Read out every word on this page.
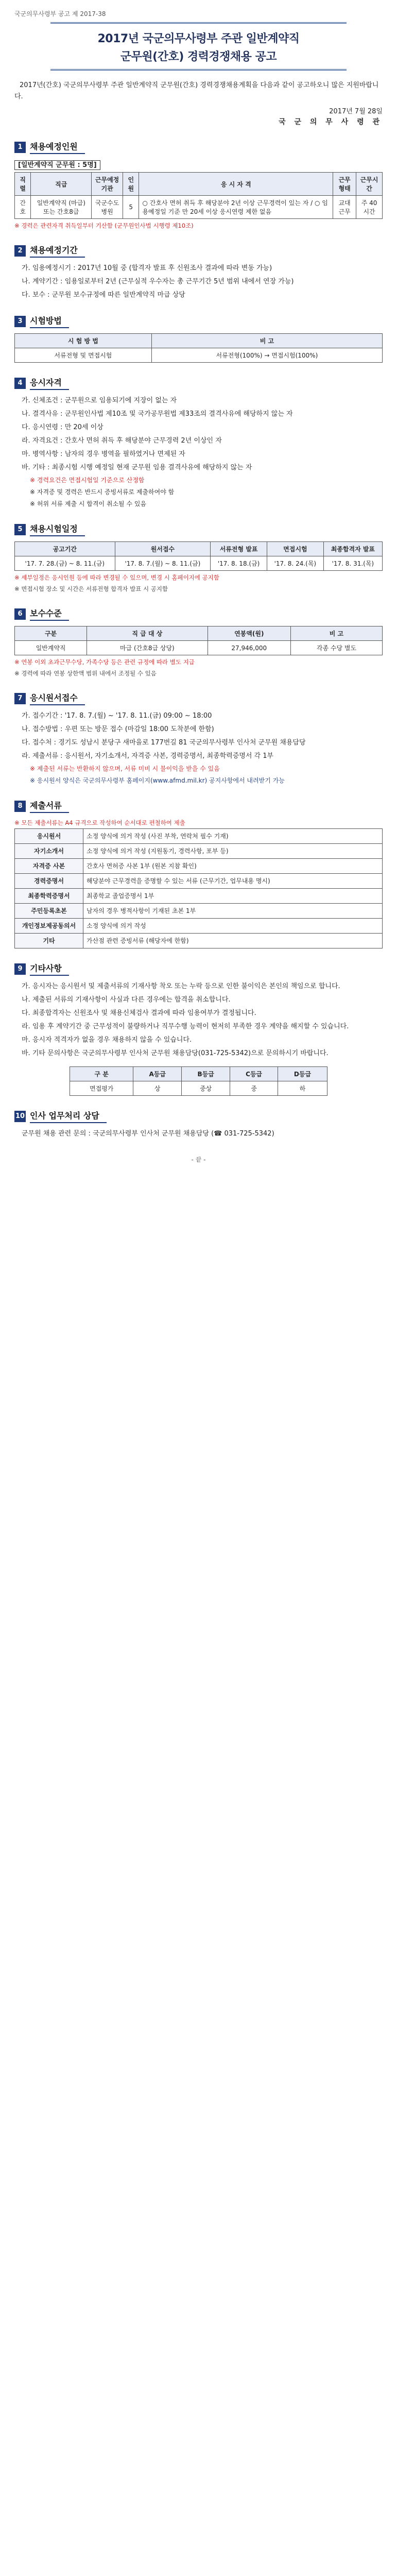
국군의무사령부 공고 제 2017-38
2017년 국군의무사령부 주관 일반계약직
군무원(간호) 경력경쟁채용 공고
2017년(간호) 국군의무사령부 주관 일반계약직 군무원(간호) 경력경쟁채용계획을 다음과 같이 공고하오니 많은 지원바랍니다.
2017년 7월 28일
국 군 의 무 사 령 관
1 채용예정인원
[일반계약직 군무원 : 5명]
직렬	직급	근무예정 기관	인원	응 시 자 격	근무형태	근무시간
간호	일반계약직 (마급) 또는 간호8급	국군수도병원	5	○ 간호사 면허 취득 후 해당분야 2년 이상 근무경력이 있는 자 / ○ 임용예정일 기준 만 20세 이상 응시연령 제한 없음	교대근무	주 40시간
※ 경력은 관련자격 취득일부터 기산함 (군무원인사법 시행령 제10조)
2 채용예정기간
가. 임용예정시기 : 2017년 10월 중 (합격자 발표 후 신원조사 결과에 따라 변동 가능)
나. 계약기간 : 임용일로부터 2년 (근무실적 우수자는 총 근무기간 5년 범위 내에서 연장 가능)
다. 보수 : 군무원 보수규정에 따른 일반계약직 마급 상당
3 시험방법
시 험 방 법	비 고
서류전형 및 면접시험	서류전형(100%) → 면접시험(100%)
4 응시자격
가. 신체조건 : 군무원으로 임용되기에 지장이 없는 자
나. 결격사유 : 군무원인사법 제10조 및 국가공무원법 제33조의 결격사유에 해당하지 않는 자
다. 응시연령 : 만 20세 이상
라. 자격요건 : 간호사 면허 취득 후 해당분야 근무경력 2년 이상인 자
마. 병역사항 : 남자의 경우 병역을 필하였거나 면제된 자
바. 기타 : 최종시험 시행 예정일 현재 군무원 임용 결격사유에 해당하지 않는 자
※ 경력요건은 면접시험일 기준으로 산정함
※ 자격증 및 경력은 반드시 증빙서류로 제출하여야 함
※ 허위 서류 제출 시 합격이 취소될 수 있음
5 채용시험일정
공고기간	원서접수	서류전형 발표	면접시험	최종합격자 발표
'17. 7. 28.(금) ~ 8. 11.(금)	'17. 8. 7.(월) ~ 8. 11.(금)	'17. 8. 18.(금)	'17. 8. 24.(목)	'17. 8. 31.(목)
※ 세부일정은 응시인원 등에 따라 변경될 수 있으며, 변경 시 홈페이지에 공지함
※ 면접시험 장소 및 시간은 서류전형 합격자 발표 시 공지함
6 보수수준
구분	직 급 대 상	연봉액(원)	비 고
일반계약직	마급 (간호8급 상당)	27,946,000	각종 수당 별도
※ 연봉 이외 초과근무수당, 가족수당 등은 관련 규정에 따라 별도 지급
※ 경력에 따라 연봉 상한액 범위 내에서 조정될 수 있음
7 응시원서접수
가. 접수기간 : '17. 8. 7.(월) ~ '17. 8. 11.(금) 09:00 ~ 18:00
나. 접수방법 : 우편 또는 방문 접수 (마감일 18:00 도착분에 한함)
다. 접수처 : 경기도 성남시 분당구 새마을로 177번길 81 국군의무사령부 인사처 군무원 채용담당
라. 제출서류 : 응시원서, 자기소개서, 자격증 사본, 경력증명서, 최종학력증명서 각 1부
※ 제출된 서류는 반환하지 않으며, 서류 미비 시 불이익을 받을 수 있음
※ 응시원서 양식은 국군의무사령부 홈페이지(www.afmd.mil.kr) 공지사항에서 내려받기 가능
8 제출서류
※ 모든 제출서류는 A4 규격으로 작성하여 순서대로 편철하여 제출
응시원서	소정 양식에 의거 작성 (사진 부착, 연락처 필수 기재)
자기소개서	소정 양식에 의거 작성 (지원동기, 경력사항, 포부 등)
자격증 사본	간호사 면허증 사본 1부 (원본 지참 확인)
경력증명서	해당분야 근무경력을 증명할 수 있는 서류 (근무기간, 업무내용 명시)
최종학력증명서	최종학교 졸업증명서 1부
주민등록초본	남자의 경우 병적사항이 기재된 초본 1부
개인정보제공동의서	소정 양식에 의거 작성
기타	가산점 관련 증빙서류 (해당자에 한함)
9 기타사항
가. 응시자는 응시원서 및 제출서류의 기재사항 착오 또는 누락 등으로 인한 불이익은 본인의 책임으로 합니다.
나. 제출된 서류의 기재사항이 사실과 다른 경우에는 합격을 취소합니다.
다. 최종합격자는 신원조사 및 채용신체검사 결과에 따라 임용여부가 결정됩니다.
라. 임용 후 계약기간 중 근무성적이 불량하거나 직무수행 능력이 현저히 부족한 경우 계약을 해지할 수 있습니다.
마. 응시자 적격자가 없을 경우 채용하지 않을 수 있습니다.
바. 기타 문의사항은 국군의무사령부 인사처 군무원 채용담당(031-725-5342)으로 문의하시기 바랍니다.
구 분	A등급	B등급	C등급	D등급
면접평가	상	중상	중	하
10 인사 업무처리 상담
군무원 채용 관련 문의 : 국군의무사령부 인사처 군무원 채용담당 (☎ 031-725-5342)
- 끝 -
